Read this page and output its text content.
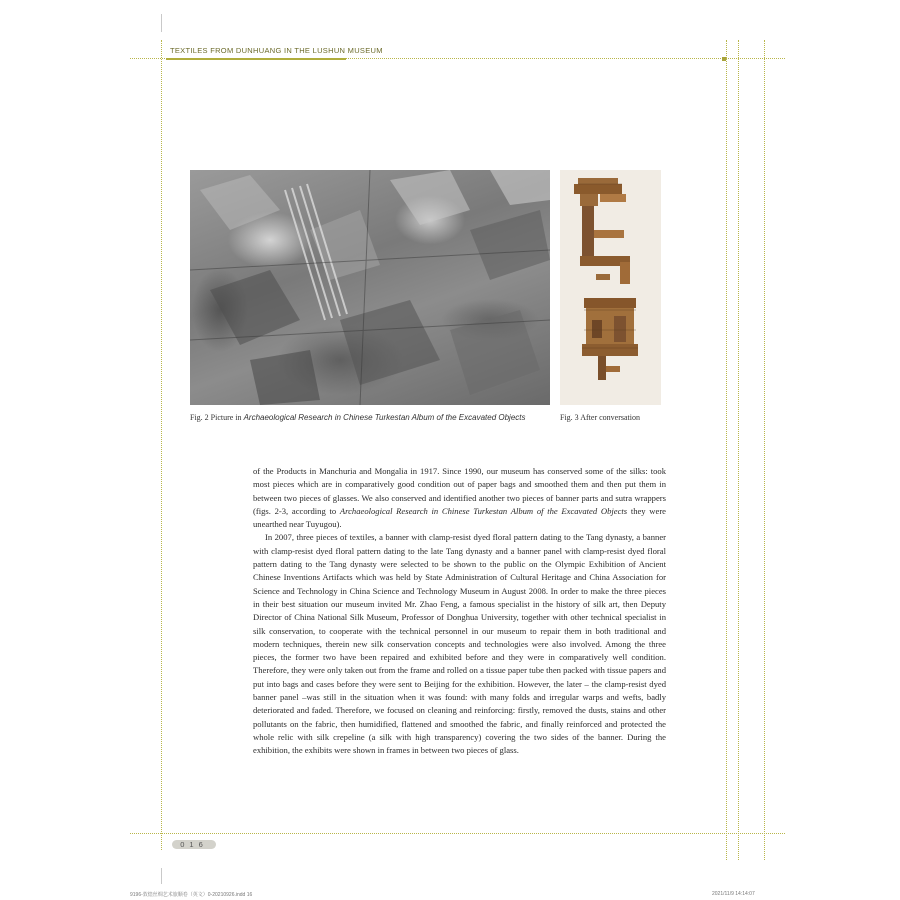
TEXTILES FROM DUNHUANG IN THE LUSHUN MUSEUM
Fig. 2 Picture in Archaeological Research in Chinese Turkestan Album of the Excavated Objects	Fig. 3 After conversation

of the Products in Manchuria and Mongalia in 1917. Since 1990, our museum has conserved some of the silks: took most pieces which are in comparatively good condition out of paper bags and smoothed them and then put them in between two pieces of glasses. We also conserved and identified another two pieces of banner parts and sutra wrappers (figs. 2-3, according to Archaeological Research in Chinese Turkestan Album of the Excavated Objects they were unearthed near Tuyugou).

In 2007, three pieces of textiles, a banner with clamp-resist dyed floral pattern dating to the Tang dynasty, a banner with clamp-resist dyed floral pattern dating to the late Tang dynasty and a banner panel with clamp-resist dyed floral pattern dating to the Tang dynasty were selected to be shown to the public on the Olympic Exhibition of Ancient Chinese Inventions Artifacts which was held by State Administration of Cultural Heritage and China Association for Science and Technology in China Science and Technology Museum in August 2008. In order to make the three pieces in their best situation our museum invited Mr. Zhao Feng, a famous specialist in the history of silk art, then Deputy Director of China National Silk Museum, Professor of Donghua University, together with other technical specialist in silk conservation, to cooperate with the technical personnel in our museum to repair them in both traditional and modern techniques, therein new silk conservation concepts and technologies were also involved. Among the three pieces, the former two have been repaired and exhibited before and they were in comparatively well condition. Therefore, they were only taken out from the frame and rolled on a tissue paper tube then packed with tissue papers and put into bags and cases before they were sent to Beijing for the exhibition. However, the later – the clamp-resist dyed banner panel –was still in the situation when it was found: with many folds and irregular warps and wefts, badly deteriorated and faded. Therefore, we focused on cleaning and reinforcing: firstly, removed the dusts, stains and other pollutants on the fabric, then humidified, flattened and smoothed the fabric, and finally reinforced and protected the whole relic with silk crepeline (a silk with high transparency) covering the two sides of the banner. During the exhibition, the exhibits were shown in frames in between two pieces of glass.

016
9196-敦煌丝绸艺术旅顺卷（英文）0-20210926.indd 16	2021/11/9 14:14:07
